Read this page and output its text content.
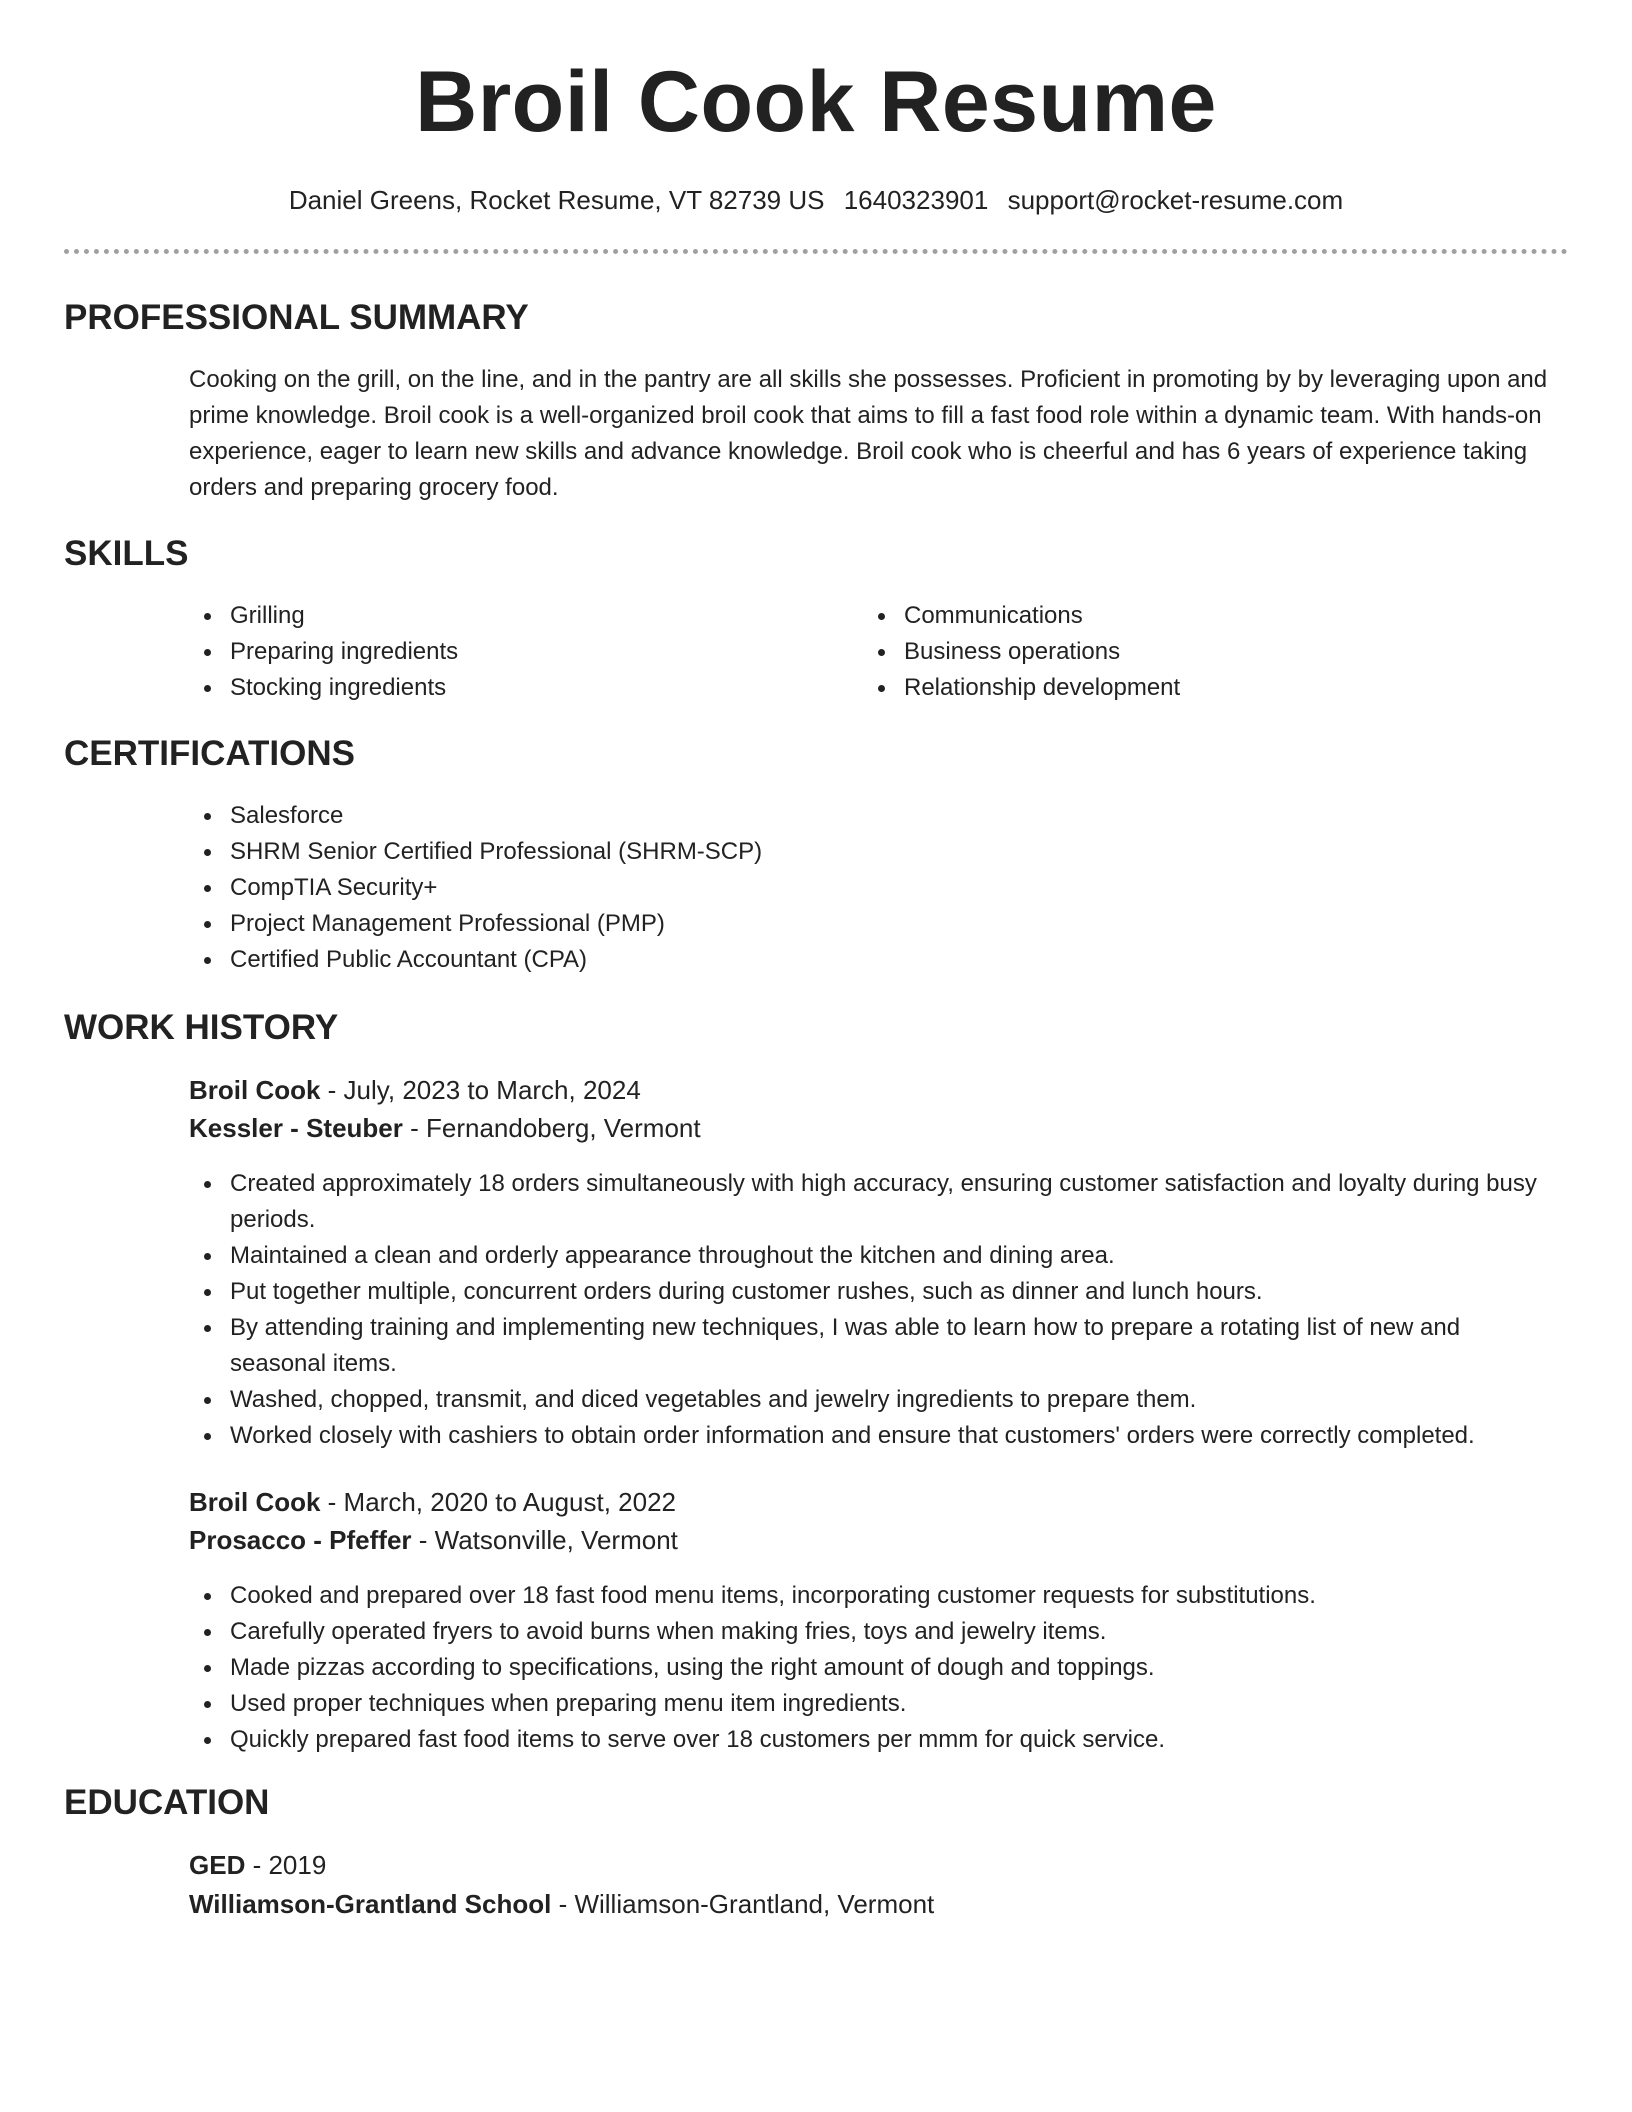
Broil Cook Resume
Daniel Greens, Rocket Resume, VT 82739 US 1640323901 support@rocket-resume.com
PROFESSIONAL SUMMARY

Cooking on the grill, on the line, and in the pantry are all skills she possesses. Proficient in promoting by by leveraging upon and prime knowledge. Broil cook is a well-organized broil cook that aims to fill a fast food role within a dynamic team. With hands-on experience, eager to learn new skills and advance knowledge. Broil cook who is cheerful and has 6 years of experience taking orders and preparing grocery food.

SKILLS
Grilling
Preparing ingredients
Stocking ingredients
Communications
Business operations
Relationship development
CERTIFICATIONS
Salesforce
SHRM Senior Certified Professional (SHRM-SCP)
CompTIA Security+
Project Management Professional (PMP)
Certified Public Accountant (CPA)
WORK HISTORY
Broil Cook - July, 2023 to March, 2024
Kessler - Steuber - Fernandoberg, Vermont
Created approximately 18 orders simultaneously with high accuracy, ensuring customer satisfaction and loyalty during busy periods.
Maintained a clean and orderly appearance throughout the kitchen and dining area.
Put together multiple, concurrent orders during customer rushes, such as dinner and lunch hours.
By attending training and implementing new techniques, I was able to learn how to prepare a rotating list of new and seasonal items.
Washed, chopped, transmit, and diced vegetables and jewelry ingredients to prepare them.
Worked closely with cashiers to obtain order information and ensure that customers' orders were correctly completed.
Broil Cook - March, 2020 to August, 2022
Prosacco - Pfeffer - Watsonville, Vermont
Cooked and prepared over 18 fast food menu items, incorporating customer requests for substitutions.
Carefully operated fryers to avoid burns when making fries, toys and jewelry items.
Made pizzas according to specifications, using the right amount of dough and toppings.
Used proper techniques when preparing menu item ingredients.
Quickly prepared fast food items to serve over 18 customers per mmm for quick service.
EDUCATION
GED - 2019
Williamson-Grantland School - Williamson-Grantland, Vermont
